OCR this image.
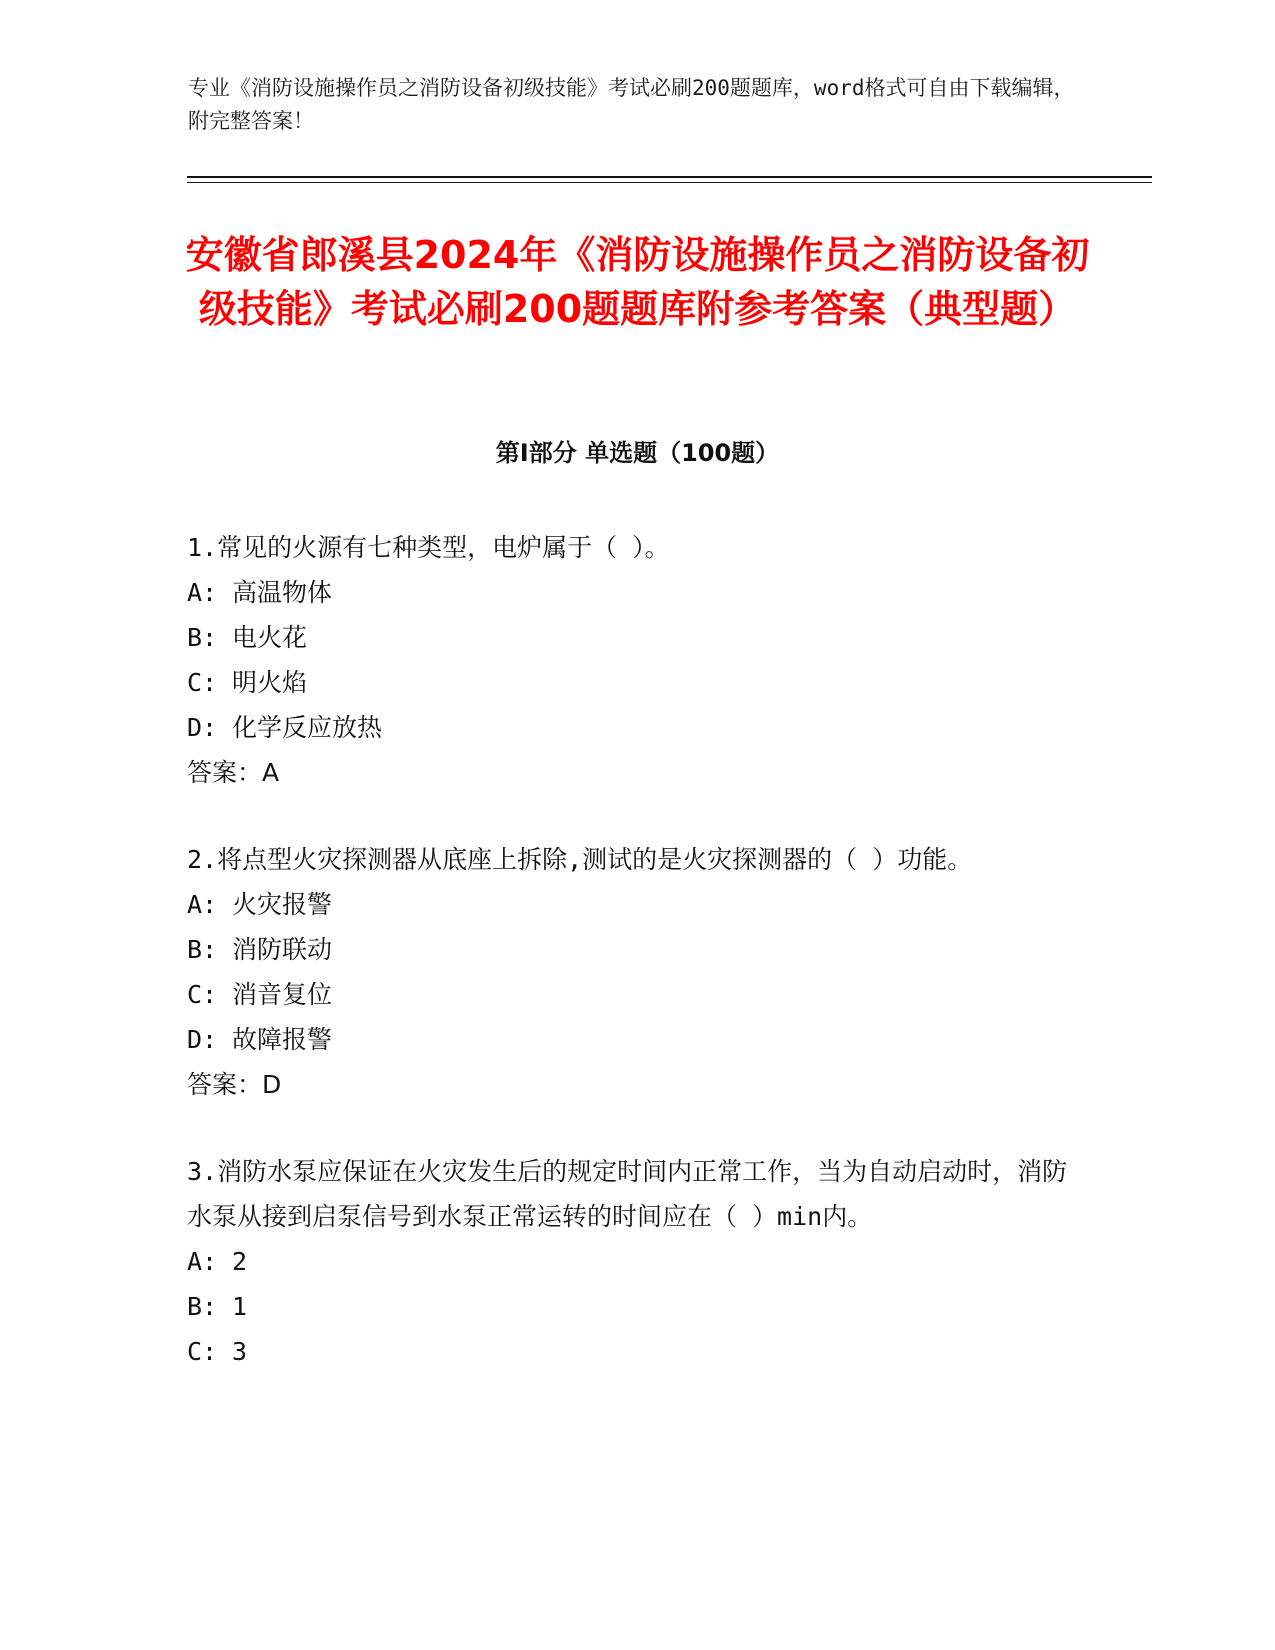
专业《消防设施操作员之消防设备初级技能》考试必刷200题题库，word格式可自由下载编辑，附完整答案！

安徽省郎溪县2024年《消防设施操作员之消防设备初级技能》考试必刷200题题库附参考答案（典型题）
第Ⅰ部分 单选题（100题）

1.常见的火源有七种类型，电炉属于（ ）。

A: 高温物体

B: 电火花

C: 明火焰

D: 化学反应放热

答案：A

2.将点型火灾探测器从底座上拆除,测试的是火灾探测器的（ ）功能。

A: 火灾报警

B: 消防联动

C: 消音复位

D: 故障报警

答案：D

3.消防水泵应保证在火灾发生后的规定时间内正常工作，当为自动启动时，消防水泵从接到启泵信号到水泵正常运转的时间应在（ ）min内。

A: 2

B: 1

C: 3
